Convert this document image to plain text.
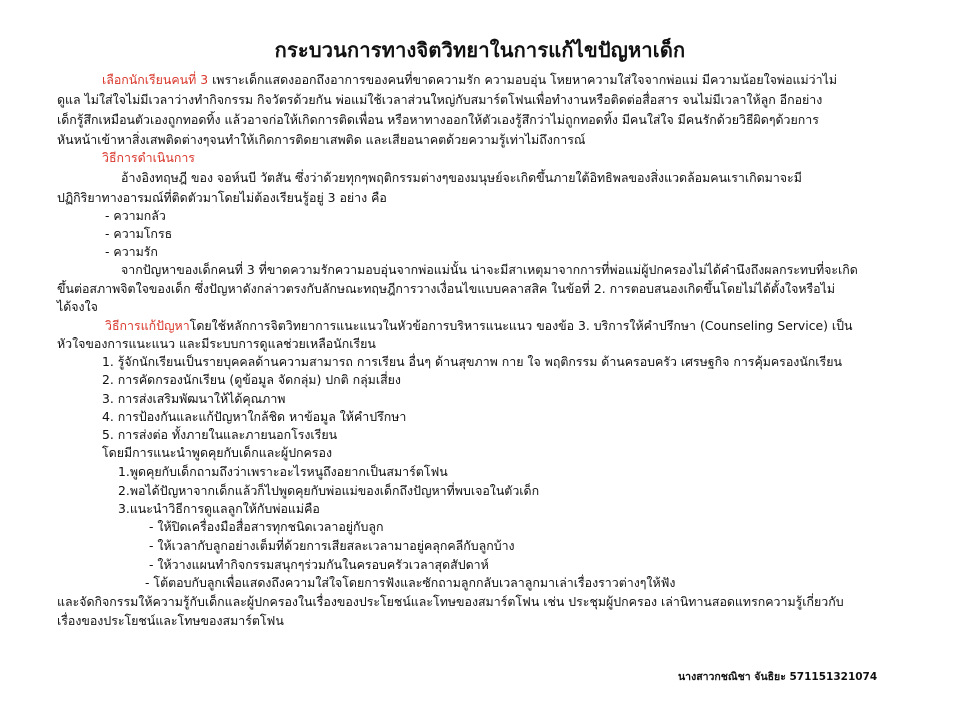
กระบวนการทางจิตวิทยาในการแก้ไขปัญหาเด็ก
เลือกนักเรียนคนที่ 3 เพราะเด็กแสดงออกถึงอาการของคนที่ขาดความรัก ความอบอุ่น โหยหาความใส่ใจจากพ่อแม่ มีความน้อยใจพ่อแม่ว่าไม่
ดูแล ไม่ใส่ใจไม่มีเวลาว่างทำกิจกรรม กิจวัตรด้วยกัน พ่อแม่ใช้เวลาส่วนใหญ่กับสมาร์ตโฟนเพื่อทำงานหรือติดต่อสื่อสาร จนไม่มีเวลาให้ลูก อีกอย่าง
เด็กรู้สึกเหมือนตัวเองถูกทอดทิ้ง แล้วอาจก่อให้เกิดการติดเพื่อน หรือหาทางออกให้ตัวเองรู้สึกว่าไม่ถูกทอดทิ้ง มีคนใส่ใจ มีคนรักด้วยวิธีผิดๆด้วยการ
หันหน้าเข้าหาสิ่งเสพติดต่างๆจนทำให้เกิดการติดยาเสพติด และเสียอนาคตด้วยความรู้เท่าไม่ถึงการณ์
วิธีการดำเนินการ
อ้างอิงทฤษฎี ของ จอห์นบี วัตสัน ซึ่งว่าด้วยทุกๆพฤติกรรมต่างๆของมนุษย์จะเกิดขึ้นภายใต้อิทธิพลของสิ่งแวดล้อมคนเราเกิดมาจะมี
ปฏิกิริยาทางอารมณ์ที่ติดตัวมาโดยไม่ต้องเรียนรู้อยู่ 3 อย่าง คือ
- ความกลัว
- ความโกรธ
- ความรัก
จากปัญหาของเด็กคนที่ 3 ที่ขาดความรักความอบอุ่นจากพ่อแม่นั้น น่าจะมีสาเหตุมาจากการที่พ่อแม่ผู้ปกครองไม่ได้คำนึงถึงผลกระทบที่จะเกิด
ขึ้นต่อสภาพจิตใจของเด็ก ซึ่งปัญหาดังกล่าวตรงกับลักษณะทฤษฎีการวางเงื่อนไขแบบคลาสสิค ในข้อที่ 2. การตอบสนองเกิดขึ้นโดยไม่ได้ตั้งใจหรือไม่
ได้จงใจ
วิธีการแก้ปัญหาโดยใช้หลักการจิตวิทยาการแนะแนวในหัวข้อการบริหารแนะแนว ของข้อ 3. บริการให้คำปรึกษา (Counseling Service) เป็น
หัวใจของการแนะแนว และมีระบบการดูแลช่วยเหลือนักเรียน
1. รู้จักนักเรียนเป็นรายบุคคลด้านความสามารถ การเรียน อื่นๆ ด้านสุขภาพ กาย ใจ พฤติกรรม ด้านครอบครัว เศรษฐกิจ การคุ้มครองนักเรียน
2. การคัดกรองนักเรียน (ดูข้อมูล จัดกลุ่ม) ปกติ กลุ่มเสี่ยง
3. การส่งเสริมพัฒนาให้ได้คุณภาพ
4. การป้องกันและแก้ปัญหาใกล้ชิด หาข้อมูล ให้คำปรึกษา
5. การส่งต่อ ทั้งภายในและภายนอกโรงเรียน
โดยมีการแนะนำพูดคุยกับเด็กและผู้ปกครอง
1.พูดคุยกับเด็กถามถึงว่าเพราะอะไรหนูถึงอยากเป็นสมาร์ตโฟน
2.พอได้ปัญหาจากเด็กแล้วก็ไปพูดคุยกับพ่อแม่ของเด็กถึงปัญหาที่พบเจอในตัวเด็ก
3.แนะนำวิธีการดูแลลูกให้กับพ่อแม่คือ
- ให้ปิดเครื่องมือสื่อสารทุกชนิดเวลาอยู่กับลูก
- ให้เวลากับลูกอย่างเต็มที่ด้วยการเสียสละเวลามาอยู่คลุกคลีกับลูกบ้าง
- ให้วางแผนทำกิจกรรมสนุกๆร่วมกันในครอบครัวเวลาสุดสัปดาห์
- โต้ตอบกับลูกเพื่อแสดงถึงความใส่ใจโดยการฟังและซักถามลูกกลับเวลาลูกมาเล่าเรื่องราวต่างๆให้ฟัง
และจัดกิจกรรมให้ความรู้กับเด็กและผู้ปกครองในเรื่องของประโยชน์และโทษของสมาร์ตโฟน เช่น ประชุมผู้ปกครอง เล่านิทานสอดแทรกความรู้เกี่ยวกับ
เรื่องของประโยชน์และโทษของสมาร์ตโฟน
นางสาวกชณิชา จันธิยะ 571151321074
